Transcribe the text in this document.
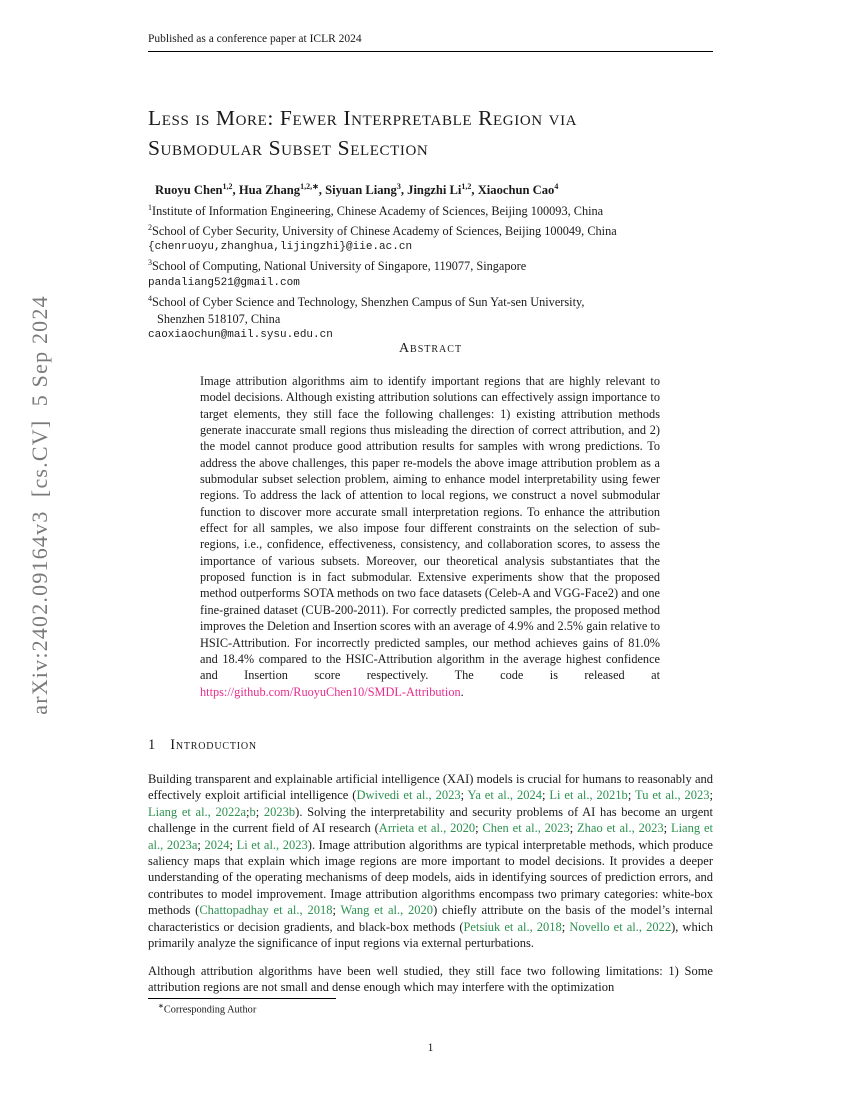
arXiv:2402.09164v3  [cs.CV]  5 Sep 2024
Published as a conference paper at ICLR 2024
Less is More: Fewer Interpretable Region via
Submodular Subset Selection
Ruoyu Chen$^{1,2}$, Hua Zhang$^{1,2,∗}$, Siyuan Liang$^3$, Jingzhi Li$^{1,2}$, Xiaochun Cao$^4$
$^1$Institute of Information Engineering, Chinese Academy of Sciences, Beijing 100093, China
$^2$School of Cyber Security, University of Chinese Academy of Sciences, Beijing 100049, China
{chenruoyu,zhanghua,lijingzhi}@iie.ac.cn
$^3$School of Computing, National University of Singapore, 119077, Singapore
pandaliang521@gmail.com
$^4$School of Cyber Science and Technology, Shenzhen Campus of Sun Yat-sen University,
Shenzhen 518107, China
caoxiaochun@mail.sysu.edu.cn
Abstract
Image attribution algorithms aim to identify important regions that are highly relevant to model decisions. Although existing attribution solutions can effectively assign importance to target elements, they still face the following challenges: 1) existing attribution methods generate inaccurate small regions thus misleading the direction of correct attribution, and 2) the model cannot produce good attribution results for samples with wrong predictions. To address the above challenges, this paper re-models the above image attribution problem as a submodular subset selection problem, aiming to enhance model interpretability using fewer regions. To address the lack of attention to local regions, we construct a novel submodular function to discover more accurate small interpretation regions. To enhance the attribution effect for all samples, we also impose four different constraints on the selection of sub-regions, i.e., confidence, effectiveness, consistency, and collaboration scores, to assess the importance of various subsets. Moreover, our theoretical analysis substantiates that the proposed function is in fact submodular. Extensive experiments show that the proposed method outperforms SOTA methods on two face datasets (Celeb-A and VGG-Face2) and one fine-grained dataset (CUB-200-2011). For correctly predicted samples, the proposed method improves the Deletion and Insertion scores with an average of 4.9% and 2.5% gain relative to HSIC-Attribution. For incorrectly predicted samples, our method achieves gains of 81.0% and 18.4% compared to the HSIC-Attribution algorithm in the average highest confidence and Insertion score respectively. The code is released at https://github.com/RuoyuChen10/SMDL-Attribution.
1 Introduction
Building transparent and explainable artificial intelligence (XAI) models is crucial for humans to reasonably and effectively exploit artificial intelligence (Dwivedi et al., 2023; Ya et al., 2024; Li et al., 2021b; Tu et al., 2023; Liang et al., 2022a;b; 2023b). Solving the interpretability and security problems of AI has become an urgent challenge in the current field of AI research (Arrieta et al., 2020; Chen et al., 2023; Zhao et al., 2023; Liang et al., 2023a; 2024; Li et al., 2023). Image attribution algorithms are typical interpretable methods, which produce saliency maps that explain which image regions are more important to model decisions. It provides a deeper understanding of the operating mechanisms of deep models, aids in identifying sources of prediction errors, and contributes to model improvement. Image attribution algorithms encompass two primary categories: white-box methods (Chattopadhay et al., 2018; Wang et al., 2020) chiefly attribute on the basis of the model’s internal characteristics or decision gradients, and black-box methods (Petsiuk et al., 2018; Novello et al., 2022), which primarily analyze the significance of input regions via external perturbations.
Although attribution algorithms have been well studied, they still face two following limitations: 1) Some attribution regions are not small and dense enough which may interfere with the optimization
∗Corresponding Author
1
